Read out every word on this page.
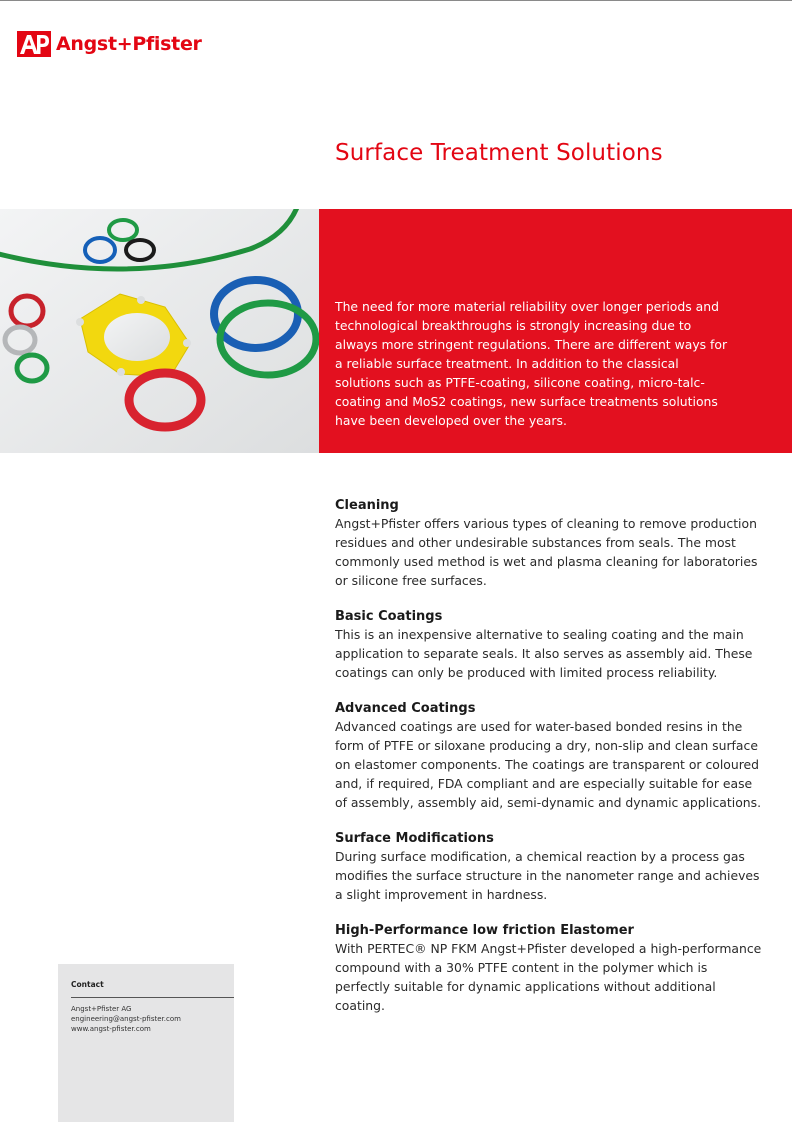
Angst+Pfister
Surface Treatment Solutions

The need for more material reliability over longer periods and technological breakthroughs is strongly increasing due to always more stringent regulations. There are different ways for a reliable surface treatment. In addition to the classical solutions such as PTFE-coating, silicone coating, micro-talc-coating and MoS2 coatings, new surface treatments solutions have been developed over the years.

Cleaning

Angst+Pfister offers various types of cleaning to remove production residues and other undesirable substances from seals. The most commonly used method is wet and plasma cleaning for laboratories or silicone free surfaces.

Basic Coatings

This is an inexpensive alternative to sealing coating and the main application to separate seals. It also serves as assembly aid. These coatings can only be produced with limited process reliability.

Advanced Coatings

Advanced coatings are used for water-based bonded resins in the form of PTFE or siloxane producing a dry, non-slip and clean surface on elastomer components. The coatings are transparent or coloured and, if required, FDA compliant and are especially suitable for ease of assembly, assembly aid, semi-dynamic and dynamic applications.

Surface Modifications

During surface modification, a chemical reaction by a process gas modifies the surface structure in the nanometer range and achieves a slight improvement in hardness.

High-Performance low friction Elastomer

With PERTEC® NP FKM Angst+Pfister developed a high-performance compound with a 30% PTFE content in the polymer which is perfectly suitable for dynamic applications without additional coating.

Contact
Angst+Pfister AG
engineering@angst-pfister.com
www.angst-pfister.com
